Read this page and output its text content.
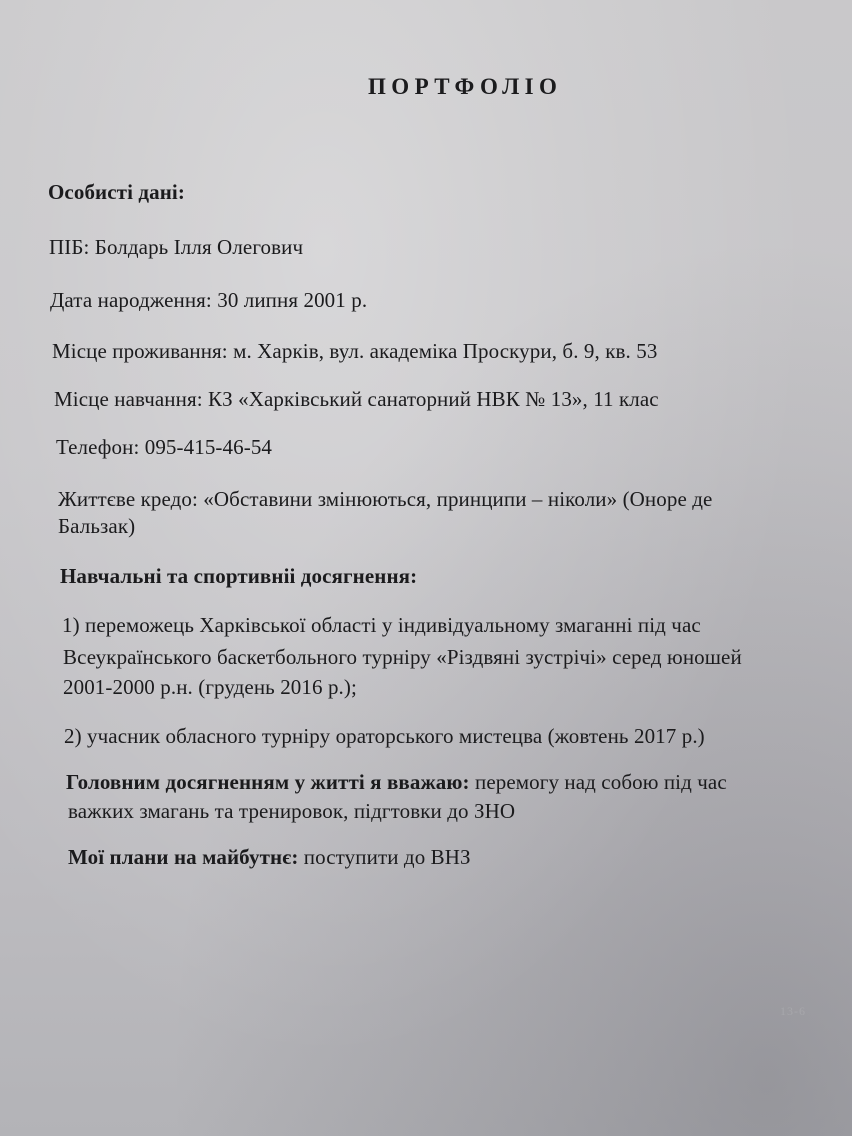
ПОРТФОЛІО
Особисті дані:
ПІБ: Болдарь Ілля Олегович
Дата народження: 30 липня 2001 р.
Місце проживання: м. Харків, вул. академіка Проскури, б. 9, кв. 53
Місце навчання: КЗ «Харківський санаторний НВК № 13», 11 клас
Телефон: 095-415-46-54
Життєве кредо: «Обставини змінюються, принципи – ніколи» (Оноре де
Бальзак)
Навчальні та спортивніі досягнення:
1) переможець Харківської області у індивідуальному змаганні під час
Всеукраїнського баскетбольного турніру «Різдвяні зустрічі» серед юношей
2001-2000 р.н. (грудень 2016 р.);
2) учасник обласного турніру ораторського мистецва (жовтень 2017 р.)
Головним досягненням у житті я вважаю: перемогу над собою під час
важких змагань та тренировок, підгтовки до ЗНО
Мої плани на майбутнє: поступити до ВНЗ
13-6
